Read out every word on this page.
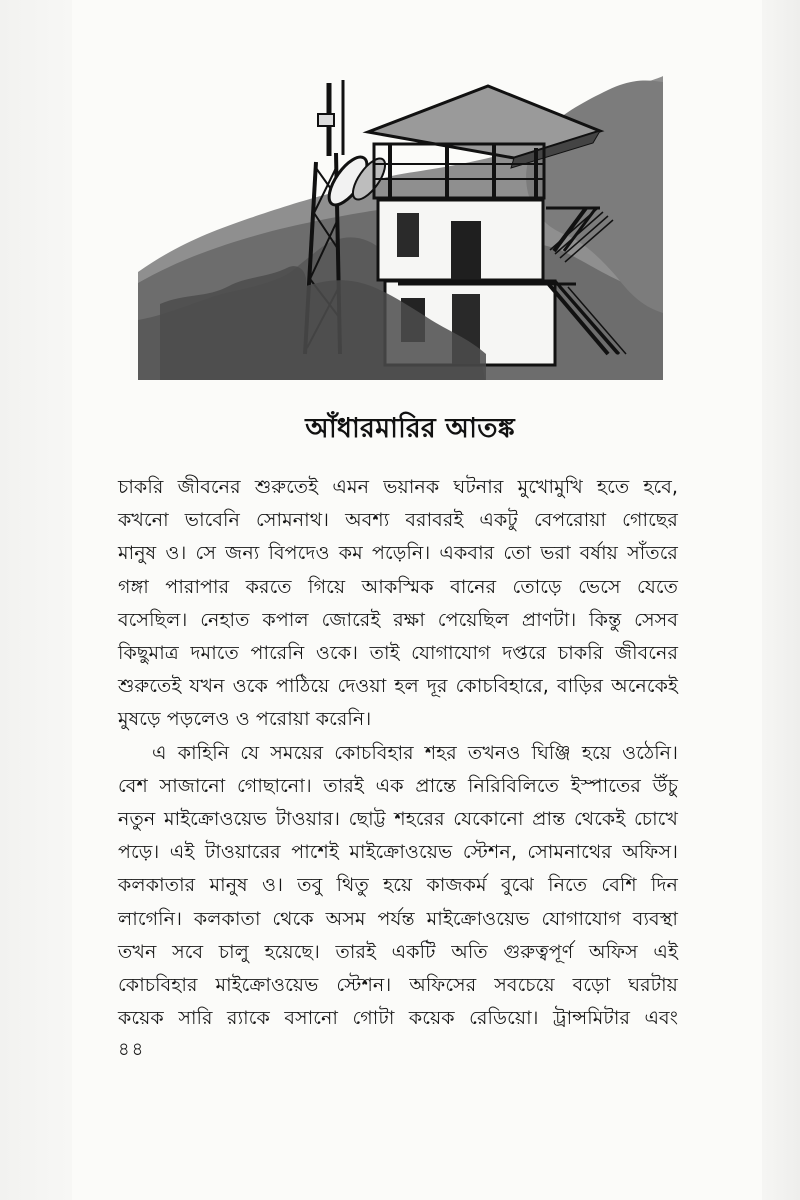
আঁধারমারির আতঙ্ক
চাকরি জীবনের শুরুতেই এমন ভয়ানক ঘটনার মুখোমুখি হতে হবে,
কখনো ভাবেনি সোমনাথ। অবশ্য বরাবরই একটু বেপরোয়া গোছের
মানুষ ও। সে জন্য বিপদেও কম পড়েনি। একবার তো ভরা বর্ষায় সাঁতরে
গঙ্গা পারাপার করতে গিয়ে আকস্মিক বানের তোড়ে ভেসে যেতে
বসেছিল। নেহাত কপাল জোরেই রক্ষা পেয়েছিল প্রাণটা। কিন্তু সেসব
কিছুমাত্র দমাতে পারেনি ওকে। তাই যোগাযোগ দপ্তরে চাকরি জীবনের
শুরুতেই যখন ওকে পাঠিয়ে দেওয়া হল দূর কোচবিহারে, বাড়ির অনেকেই
মুষড়ে পড়লেও ও পরোয়া করেনি।
এ কাহিনি যে সময়ের কোচবিহার শহর তখনও ঘিঞ্জি হয়ে ওঠেনি।
বেশ সাজানো গোছানো। তারই এক প্রান্তে নিরিবিলিতে ইস্পাতের উঁচু
নতুন মাইক্রোওয়েভ টাওয়ার। ছোট্ট শহরের যেকোনো প্রান্ত থেকেই চোখে
পড়ে। এই টাওয়ারের পাশেই মাইক্রোওয়েভ স্টেশন, সোমনাথের অফিস।
কলকাতার মানুষ ও। তবু থিতু হয়ে কাজকর্ম বুঝে নিতে বেশি দিন
লাগেনি। কলকাতা থেকে অসম পর্যন্ত মাইক্রোওয়েভ যোগাযোগ ব্যবস্থা
তখন সবে চালু হয়েছে। তারই একটি অতি গুরুত্বপূর্ণ অফিস এই
কোচবিহার মাইক্রোওয়েভ স্টেশন। অফিসের সবচেয়ে বড়ো ঘরটায়
কয়েক সারি র‍্যাকে বসানো গোটা কয়েক রেডিয়ো। ট্রান্সমিটার এবং
৪৪
